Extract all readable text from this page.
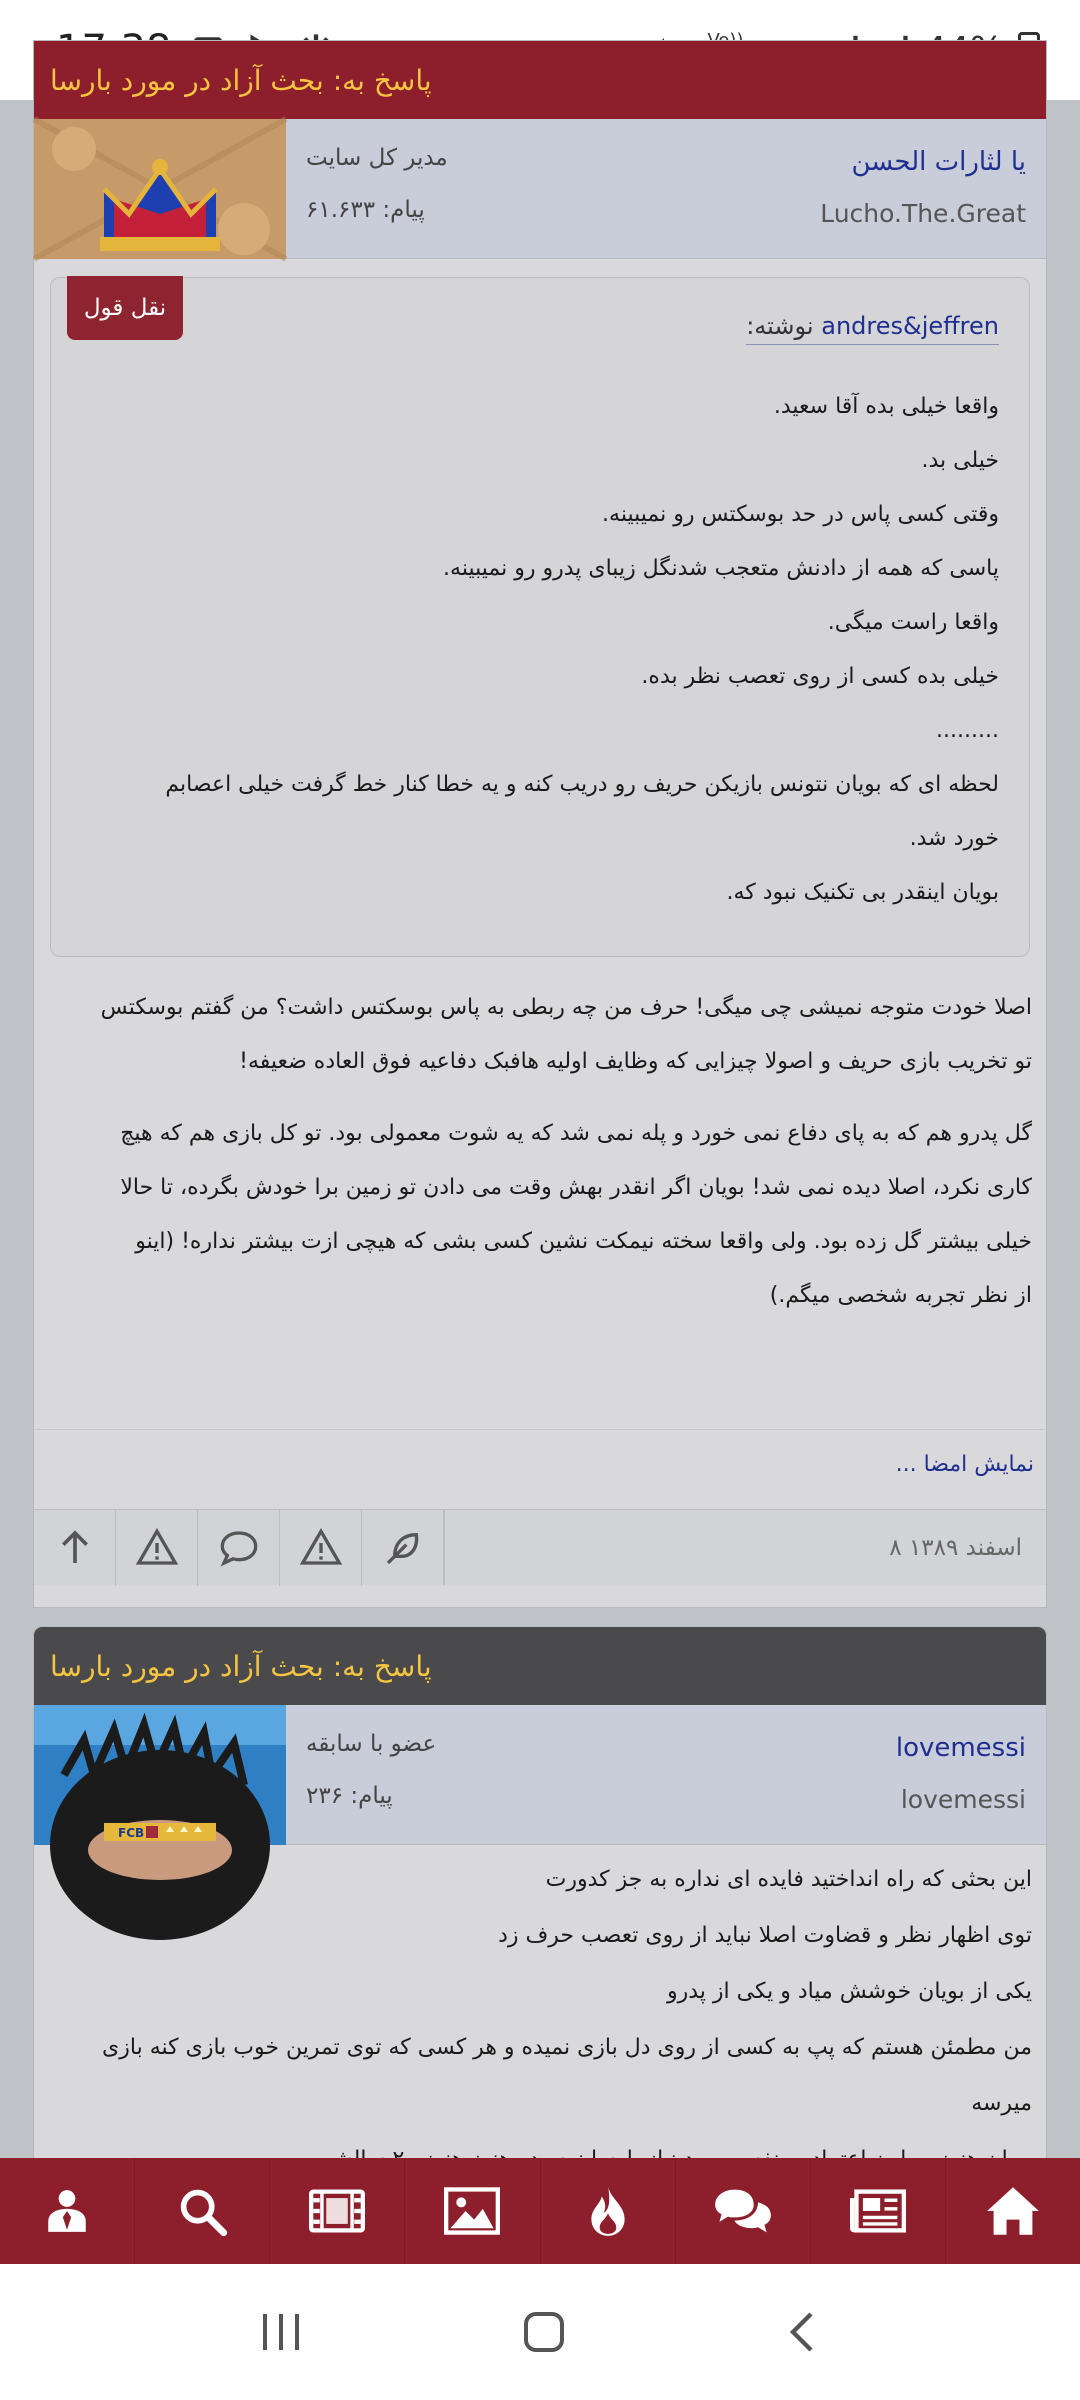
پاسخ به: بحث آزاد در مورد بارسا
یا لثارات الحسن
Lucho.The.Great
مدیر کل سایت
پیام: ۶۱.۶۳۳
نقل قول
andres&jeffren نوشته:
واقعا خیلی بده آقا سعید.
خیلی بد.
وقتی کسی پاس در حد بوسکتس رو نمیبینه.
پاسی که همه از دادنش متعجب شدنگل زیبای پدرو رو نمیبینه.
واقعا راست میگی.
خیلی بده کسی از روی تعصب نظر بده.
.........
لحظه ای که بویان نتونس بازیکن حریف رو دریب کنه و یه خطا کنار خط گرفت خیلی اعصابم
خورد شد.
بویان اینقدر بی تکنیک نبود که.
اصلا خودت متوجه نمیشی چی میگی! حرف من چه ربطی به پاس بوسکتس داشت؟ من گفتم بوسکتس
تو تخریب بازی حریف و اصولا چیزایی که وظایف اولیه هافبک دفاعیه فوق العاده ضعیفه!
گل پدرو هم که به پای دفاع نمی خورد و پله نمی شد که یه شوت معمولی بود. تو کل بازی هم که هیچ
کاری نکرد، اصلا دیده نمی شد! بویان اگر انقدر بهش وقت می دادن تو زمین برا خودش بگرده، تا حالا
خیلی بیشتر گل زده بود. ولی واقعا سخته نیمکت نشین کسی بشی که هیچی ازت بیشتر نداره! (اینو
از نظر تجربه شخصی میگم.)
نمایش امضا ...
۸ اسفند ۱۳۸۹
پاسخ به: بحث آزاد در مورد بارسا
FCB
lovemessi
lovemessi
عضو با سابقه
پیام: ۲۳۶
این بحثی که راه انداختید فایده ای نداره به جز کدورت
توی اظهار نظر و قضاوت اصلا نباید از روی تعصب حرف زد
یکی از بویان خوشش میاد و یکی از پدرو
من مطمئن هستم که پپ به کسی از روی دل بازی نمیده و هر کسی که توی تمرین خوب بازی کنه بازی
میرسه
